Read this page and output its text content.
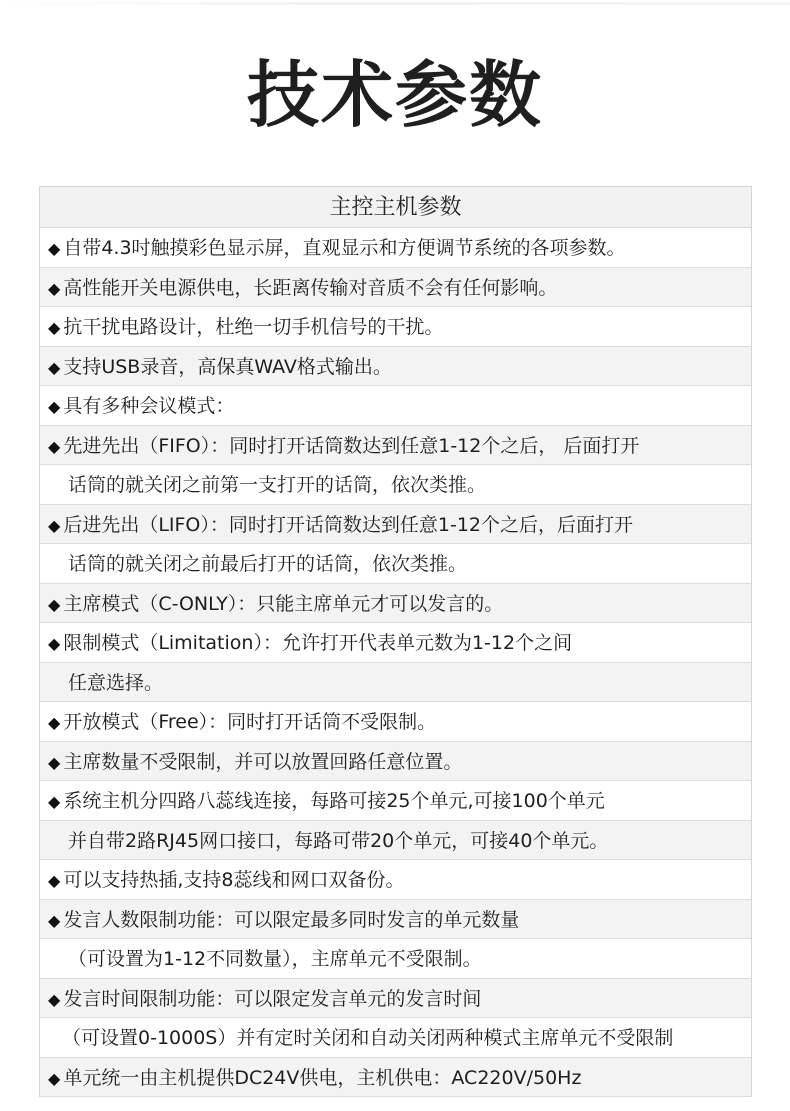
技术参数
主控主机参数
◆ 自带4.3吋触摸彩色显示屏，直观显示和方便调节系统的各项参数。
◆ 高性能开关电源供电，长距离传输对音质不会有任何影响。
◆ 抗干扰电路设计，杜绝一切手机信号的干扰。
◆ 支持USB录音，高保真WAV格式输出。
◆ 具有多种会议模式：
◆ 先进先出（FIFO）：同时打开话筒数达到任意1-12个之后， 后面打开
话筒的就关闭之前第一支打开的话筒，依次类推。
◆ 后进先出（LIFO）：同时打开话筒数达到任意1-12个之后，后面打开
话筒的就关闭之前最后打开的话筒，依次类推。
◆ 主席模式（C-ONLY）：只能主席单元才可以发言的。
◆ 限制模式（Limitation）：允许打开代表单元数为1-12个之间
任意选择。
◆ 开放模式（Free）：同时打开话筒不受限制。
◆ 主席数量不受限制，并可以放置回路任意位置。
◆ 系统主机分四路八蕊线连接，每路可接25个单元,可接100个单元
并自带2路RJ45网口接口，每路可带20个单元，可接40个单元。
◆ 可以支持热插,支持8蕊线和网口双备份。
◆ 发言人数限制功能：可以限定最多同时发言的单元数量
（可设置为1-12不同数量），主席单元不受限制。
◆ 发言时间限制功能：可以限定发言单元的发言时间
（可设置0-1000S）并有定时关闭和自动关闭两种模式主席单元不受限制
◆ 单元统一由主机提供DC24V供电，主机供电：AC220V/50Hz
